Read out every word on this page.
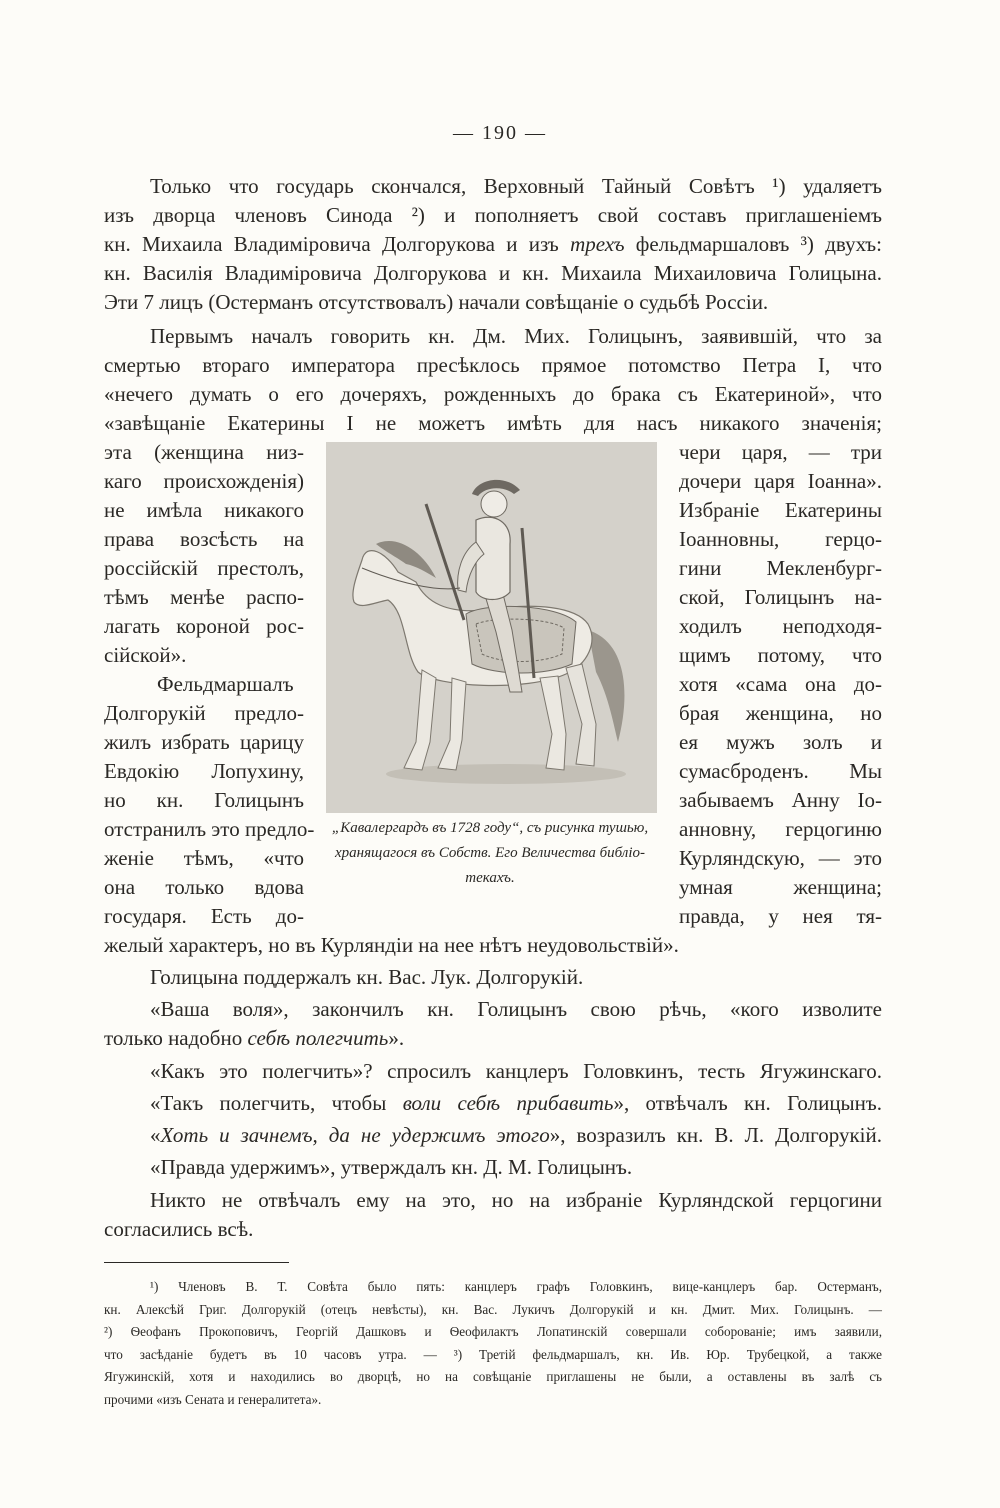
— 190 —
Только что государь скончался, Верховный Тайный Совѣтъ ¹) удаляетъ
изъ дворца членовъ Синода ²) и пополняетъ свой составъ приглашеніемъ
кн. Михаила Владиміровича Долгорукова и изъ трехъ фельдмаршаловъ ³) двухъ:
кн. Василія Владиміровича Долгорукова и кн. Михаила Михаиловича Голицына.
Эти 7 лицъ (Остерманъ отсутствовалъ) начали совѣщаніе о судьбѣ Россіи.
Первымъ началъ говорить кн. Дм. Мих. Голицынъ, заявившій, что за
смертью втораго императора пресѣклось прямое потомство Петра I, что
«нечего думать о его дочеряхъ, рожденныхъ до брака съ Екатериной», что
«завѣщаніе Екатерины I не можетъ имѣть для насъ никакого значенія;
эта (женщина низ-
каго происхожденія)
не имѣла никакого
права возсѣсть на
россійскій престолъ,
тѣмъ менѣе распо-
лагать короной рос-
сійской».
Фельдмаршалъ
Долгорукій предло-
жилъ избрать царицу
Евдокію Лопухину,
но кн. Голицынъ
отстранилъ это предло-
женіе тѣмъ, «что
она только вдова
государя. Есть до-
чери царя, — три
дочери царя Іоанна».
Избраніе Екатерины
Іоанновны, герцо-
гини Мекленбург-
ской, Голицынъ на-
ходилъ неподходя-
щимъ потому, что
хотя «сама она до-
брая женщина, но
ея мужъ золъ и
сумасброденъ. Мы
забываемъ Анну Іо-
анновну, герцогиню
Курляндскую, — это
умная женщина;
правда, у нея тя-
„Кавалергардъ въ 1728 году“, съ рисунка тушью,
хранящагося въ Собств. Его Величества библіо-
текахъ.
желый характеръ, но въ Курляндіи на нее нѣтъ неудовольствій».
Голицына поддержалъ кн. Вас. Лук. Долгорукій.
«Ваша воля», закончилъ кн. Голицынъ свою рѣчь, «кого изволите
только надобно себѣ полегчить».
«Какъ это полегчить»? спросилъ канцлеръ Головкинъ, тесть Ягужинскаго.
«Такъ полегчить, чтобы воли себѣ прибавить», отвѣчалъ кн. Голицынъ.
«Хоть и зачнемъ, да не удержимъ этого», возразилъ кн. В. Л. Долгорукій.
«Правда удержимъ», утверждалъ кн. Д. М. Голицынъ.
Никто не отвѣчалъ ему на это, но на избраніе Курляндской герцогини
согласились всѣ.
¹) Членовъ В. Т. Совѣта было пять: канцлеръ графъ Головкинъ, вице-канцлеръ бар. Остерманъ,
кн. Алексѣй Григ. Долгорукій (отецъ невѣсты), кн. Вас. Лукичъ Долгорукій и кн. Дмит. Мих. Голицынъ. —
²) Ѳеофанъ Прокоповичъ, Георгій Дашковъ и Ѳеофилактъ Лопатинскій совершали соборованіе; имъ заявили,
что засѣданіе будетъ въ 10 часовъ утра. — ³) Третій фельдмаршалъ, кн. Ив. Юр. Трубецкой, а также
Ягужинскій, хотя и находились во дворцѣ, но на совѣщаніе приглашены не были, а оставлены въ залѣ съ
прочими «изъ Сената и генералитета».
